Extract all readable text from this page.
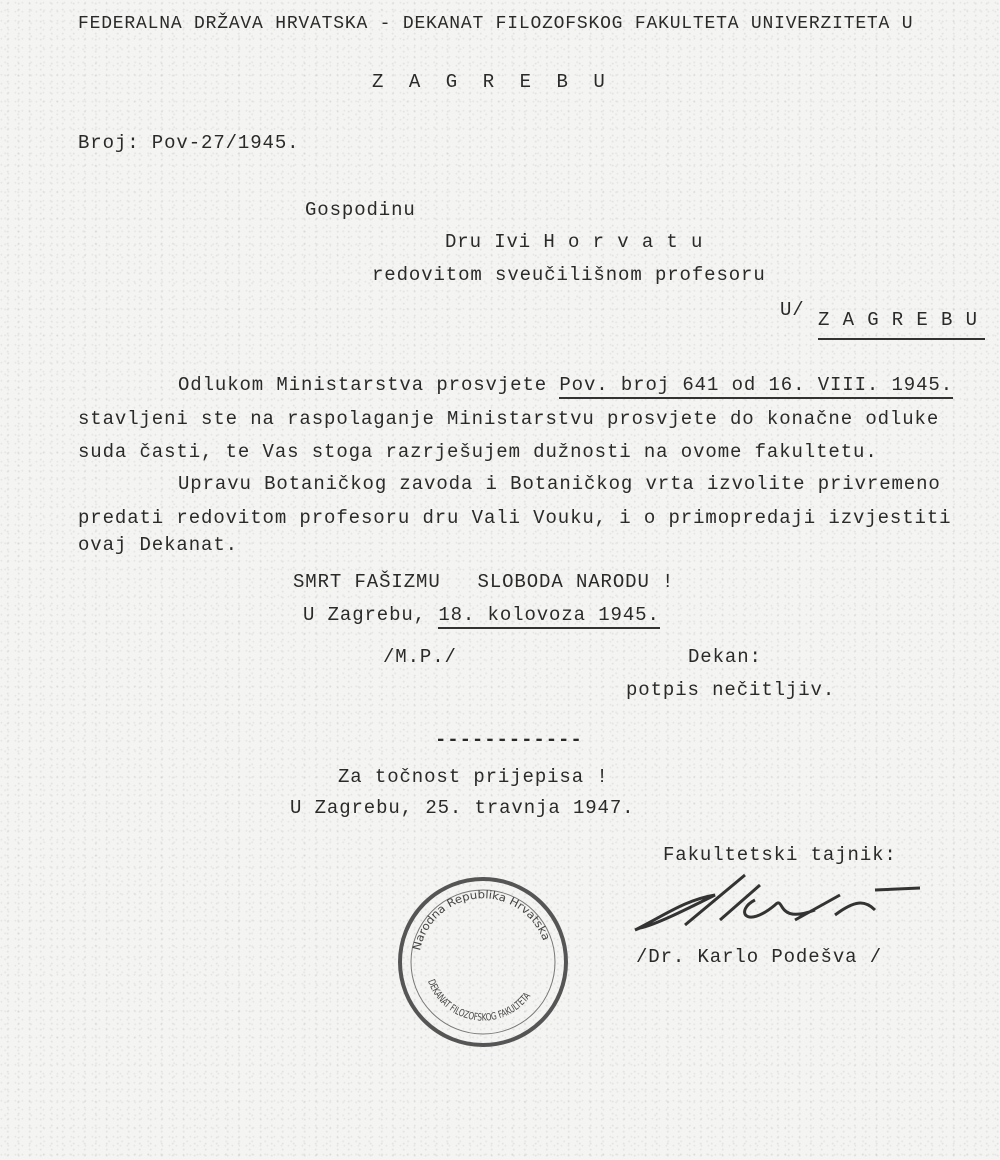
FEDERALNA DRŽAVA HRVATSKA - DEKANAT FILOZOFSKOG FAKULTETA UNIVERZITETA U
Z  A  G  R  E  B  U
Broj: Pov-27/1945.
Gospodinu
Dru Ivi H o r v a t u
redovitom sveučilišnom profesoru
U/ Z A G R E B U
Odlukom Ministarstva prosvjete Pov. broj 641 od 16. VIII. 1945.
stavljeni ste na raspolaganje Ministarstvu prosvjete do konačne odluke
suda časti, te Vas stoga razrješujem dužnosti na ovome fakultetu.
Upravu Botaničkog zavoda i Botaničkog vrta izvolite privremeno
predati redovitom profesoru dru Vali Vouku, i o primopredaji izvjestiti
ovaj Dekanat.
SMRT FAŠIZMU   SLOBODA NARODU !
U Zagrebu, 18. kolovoza 1945.
/M.P./	Dekan:
potpis nečitljiv.
------------
Za točnost prijepisa !
U Zagrebu, 25. travnja 1947.
Fakultetski tajnik:
/Dr. Karlo Podešva /
Narodna Republika Hrvatska
DEKANAT FILOZOFSKOG FAKULTETA
